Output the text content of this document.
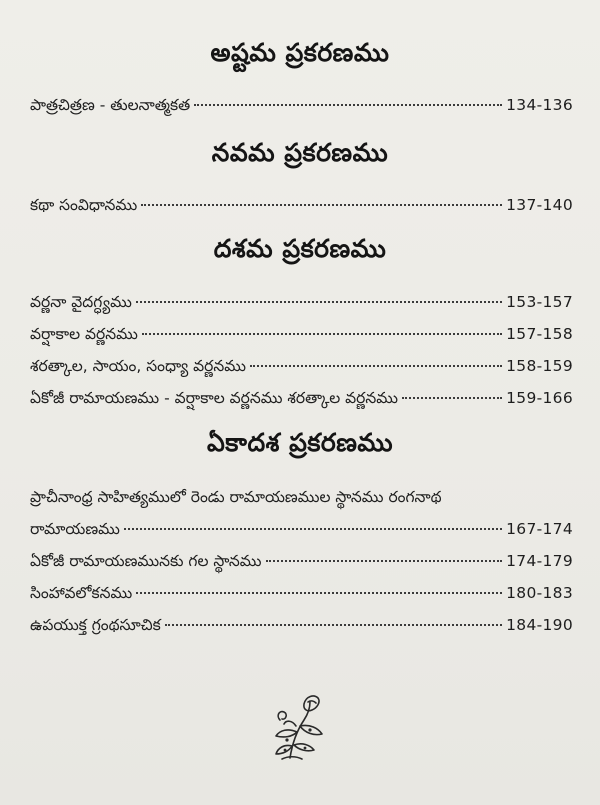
అష్టమ ప్రకరణము
పాత్రచిత్రణ - తులనాత్మకత	134-136
నవమ ప్రకరణము
కథా సంవిధానము	137-140
దశమ ప్రకరణము
వర్ణనా వైదగ్ధ్యము	153-157
వర్షాకాల వర్ణనము	157-158
శరత్కాల, సాయం, సంధ్యా వర్ణనము	158-159
ఏకోజీ రామాయణము - వర్షాకాల వర్ణనము శరత్కాల వర్ణనము	159-166
ఏకాదశ ప్రకరణము
ప్రాచీనాంధ్ర సాహిత్యములో రెండు రామాయణముల స్థానము రంగనాథ
రామాయణము	167-174
ఏకోజీ రామాయణమునకు గల స్థానము	174-179
సింహావలోకనము	180-183
ఉపయుక్త గ్రంథసూచిక	184-190
